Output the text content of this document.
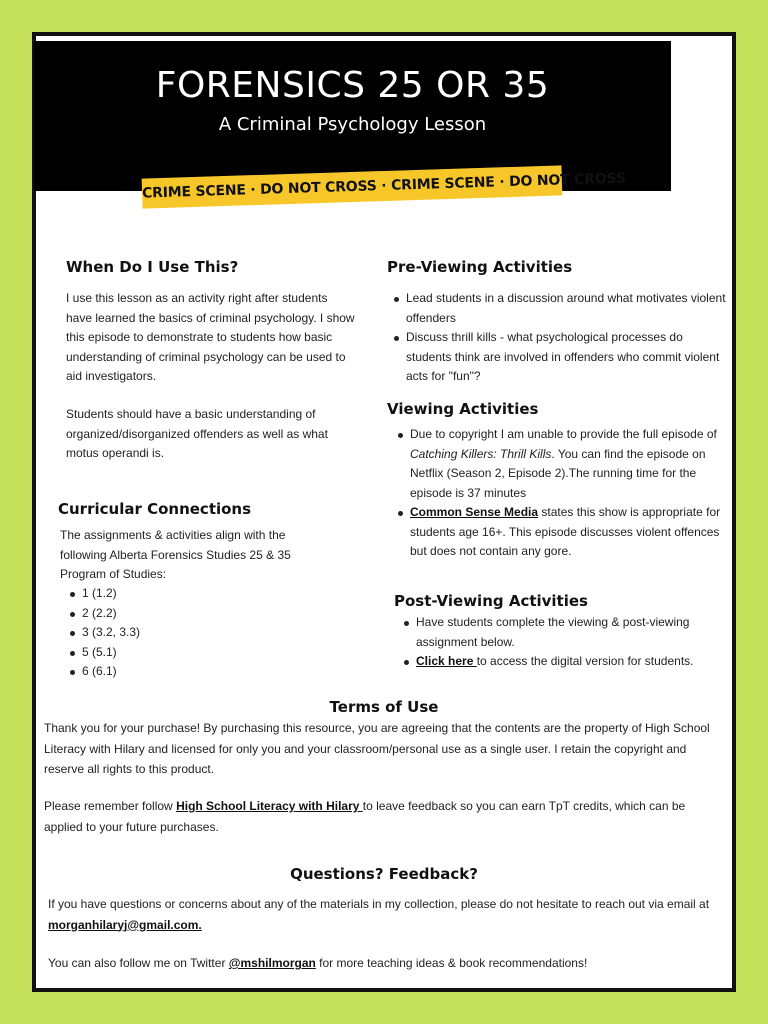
FORENSICS 25 OR 35
A Criminal Psychology Lesson
CRIME SCENE · DO NOT CROSS · CRIME SCENE · DO NOT CROSS
When Do I Use This?

I use this lesson as an activity right after students have learned the basics of criminal psychology. I show this episode to demonstrate to students how basic understanding of criminal psychology can be used to aid investigators.

Students should have a basic understanding of organized/disorganized offenders as well as what motus operandi is.

Curricular Connections

The assignments & activities align with the following Alberta Forensics Studies 25 & 35 Program of Studies:

1 (1.2)
2 (2.2)
3 (3.2, 3.3)
5 (5.1)
6 (6.1)
Pre-Viewing Activities
Lead students in a discussion around what motivates violent offenders
Discuss thrill kills - what psychological processes do students think are involved in offenders who commit violent acts for "fun"?
Viewing Activities
Due to copyright I am unable to provide the full episode of Catching Killers: Thrill Kills. You can find the episode on Netflix (Season 2, Episode 2).The running time for the episode is 37 minutes
Common Sense Media states this show is appropriate for students age 16+. This episode discusses violent offences but does not contain any gore.
Post-Viewing Activities
Have students complete the viewing & post-viewing assignment below.
Click here to access the digital version for students.
Terms of Use

Thank you for your purchase! By purchasing this resource, you are agreeing that the contents are the property of High School Literacy with Hilary and licensed for only you and your classroom/personal use as a single user. I retain the copyright and reserve all rights to this product.

Please remember follow High School Literacy with Hilary to leave feedback so you can earn TpT credits, which can be applied to your future purchases.

Questions? Feedback?

If you have questions or concerns about any of the materials in my collection, please do not hesitate to reach out via email at morganhilaryj@gmail.com.

You can also follow me on Twitter @mshilmorgan for more teaching ideas & book recommendations!
